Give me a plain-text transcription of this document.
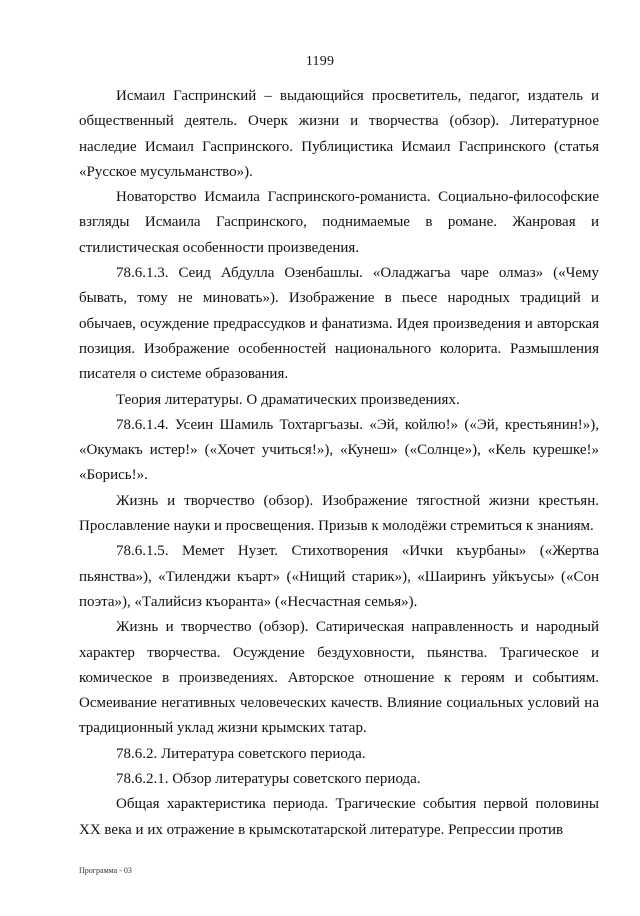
1199

Исмаил Гаспринский – выдающийся просветитель, педагог, издатель и общественный деятель. Очерк жизни и творчества (обзор). Литературное наследие Исмаил Гаспринского. Публицистика Исмаил Гаспринского (статья «Русское мусульманство»).

Новаторство Исмаила Гаспринского-романиста. Социально-философские взгляды Исмаила Гаспринского, поднимаемые в романе. Жанровая и стилистическая особенности произведения.

78.6.1.3. Сеид Абдулла Озенбашлы. «Оладжагъа чаре олмаз» («Чему бывать, тому не миновать»). Изображение в пьесе народных традиций и обычаев, осуждение предрассудков и фанатизма. Идея произведения и авторская позиция. Изображение особенностей национального колорита. Размышления писателя о системе образования.

Теория литературы. О драматических произведениях.

78.6.1.4. Усеин Шамиль Тохтаргъазы. «Эй, койлю!» («Эй, крестьянин!»), «Окумакъ истер!» («Хочет учиться!»), «Кунеш» («Солнце»), «Кель курешке!» «Борись!».

Жизнь и творчество (обзор). Изображение тягостной жизни крестьян. Прославление науки и просвещения. Призыв к молодёжи стремиться к знаниям.

78.6.1.5. Мемет Нузет. Стихотворения «Ички къурбаны» («Жертва пьянства»), «Тиленджи къарт» («Нищий старик»), «Шаиринъ уйкъусы» («Сон поэта»), «Талийсиз къоранта» («Несчастная семья»).

Жизнь и творчество (обзор). Сатирическая направленность и народный характер творчества. Осуждение бездуховности, пьянства. Трагическое и комическое в произведениях. Авторское отношение к героям и событиям. Осмеивание негативных человеческих качеств. Влияние социальных условий на традиционный уклад жизни крымских татар.

78.6.2. Литература советского периода.

78.6.2.1. Обзор литературы советского периода.

Общая характеристика периода. Трагические события первой половины XX века и их отражение в крымскотатарской литературе. Репрессии против

Программа - 03
